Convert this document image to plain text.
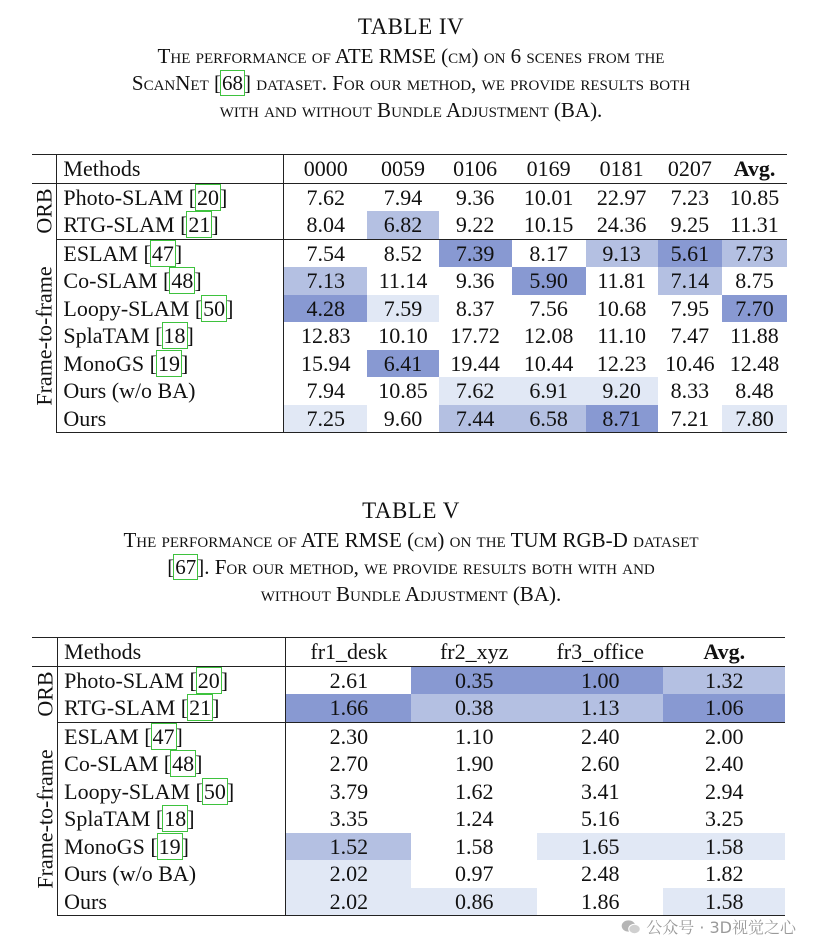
TABLE IV
The performance of ATE RMSE (cm) on 6 scenes from the
ScanNet [68] dataset. For our method, we provide results both
with and without Bundle Adjustment (BA).
	Methods	0000	0059	0106	0169	0181	0207	Avg.

ORB	Photo-SLAM [20]	7.62	7.94	9.36	10.01	22.97	7.23	10.85
	RTG-SLAM [21]	8.04	6.82	9.22	10.15	24.36	9.25	11.31

Frame-to-frame	ESLAM [47]	7.54	8.52	7.39	8.17	9.13	5.61	7.73
	Co-SLAM [48]	7.13	11.14	9.36	5.90	11.81	7.14	8.75
	Loopy-SLAM [50]	4.28	7.59	8.37	7.56	10.68	7.95	7.70
	SplaTAM [18]	12.83	10.10	17.72	12.08	11.10	7.47	11.88
	MonoGS [19]	15.94	6.41	19.44	10.44	12.23	10.46	12.48
	Ours (w/o BA)	7.94	10.85	7.62	6.91	9.20	8.33	8.48
	Ours	7.25	9.60	7.44	6.58	8.71	7.21	7.80
TABLE V
The performance of ATE RMSE (cm) on the TUM RGB-D dataset
[67]. For our method, we provide results both with and
without Bundle Adjustment (BA).
	Methods	fr1_desk	fr2_xyz	fr3_office	Avg.

ORB	Photo-SLAM [20]	2.61	0.35	1.00	1.32
	RTG-SLAM [21]	1.66	0.38	1.13	1.06

Frame-to-frame	ESLAM [47]	2.30	1.10	2.40	2.00
	Co-SLAM [48]	2.70	1.90	2.60	2.40
	Loopy-SLAM [50]	3.79	1.62	3.41	2.94
	SplaTAM [18]	3.35	1.24	5.16	3.25
	MonoGS [19]	1.52	1.58	1.65	1.58
	Ours (w/o BA)	2.02	0.97	2.48	1.82
	Ours	2.02	0.86	1.86	1.58
公众号 · 3D视觉之心
